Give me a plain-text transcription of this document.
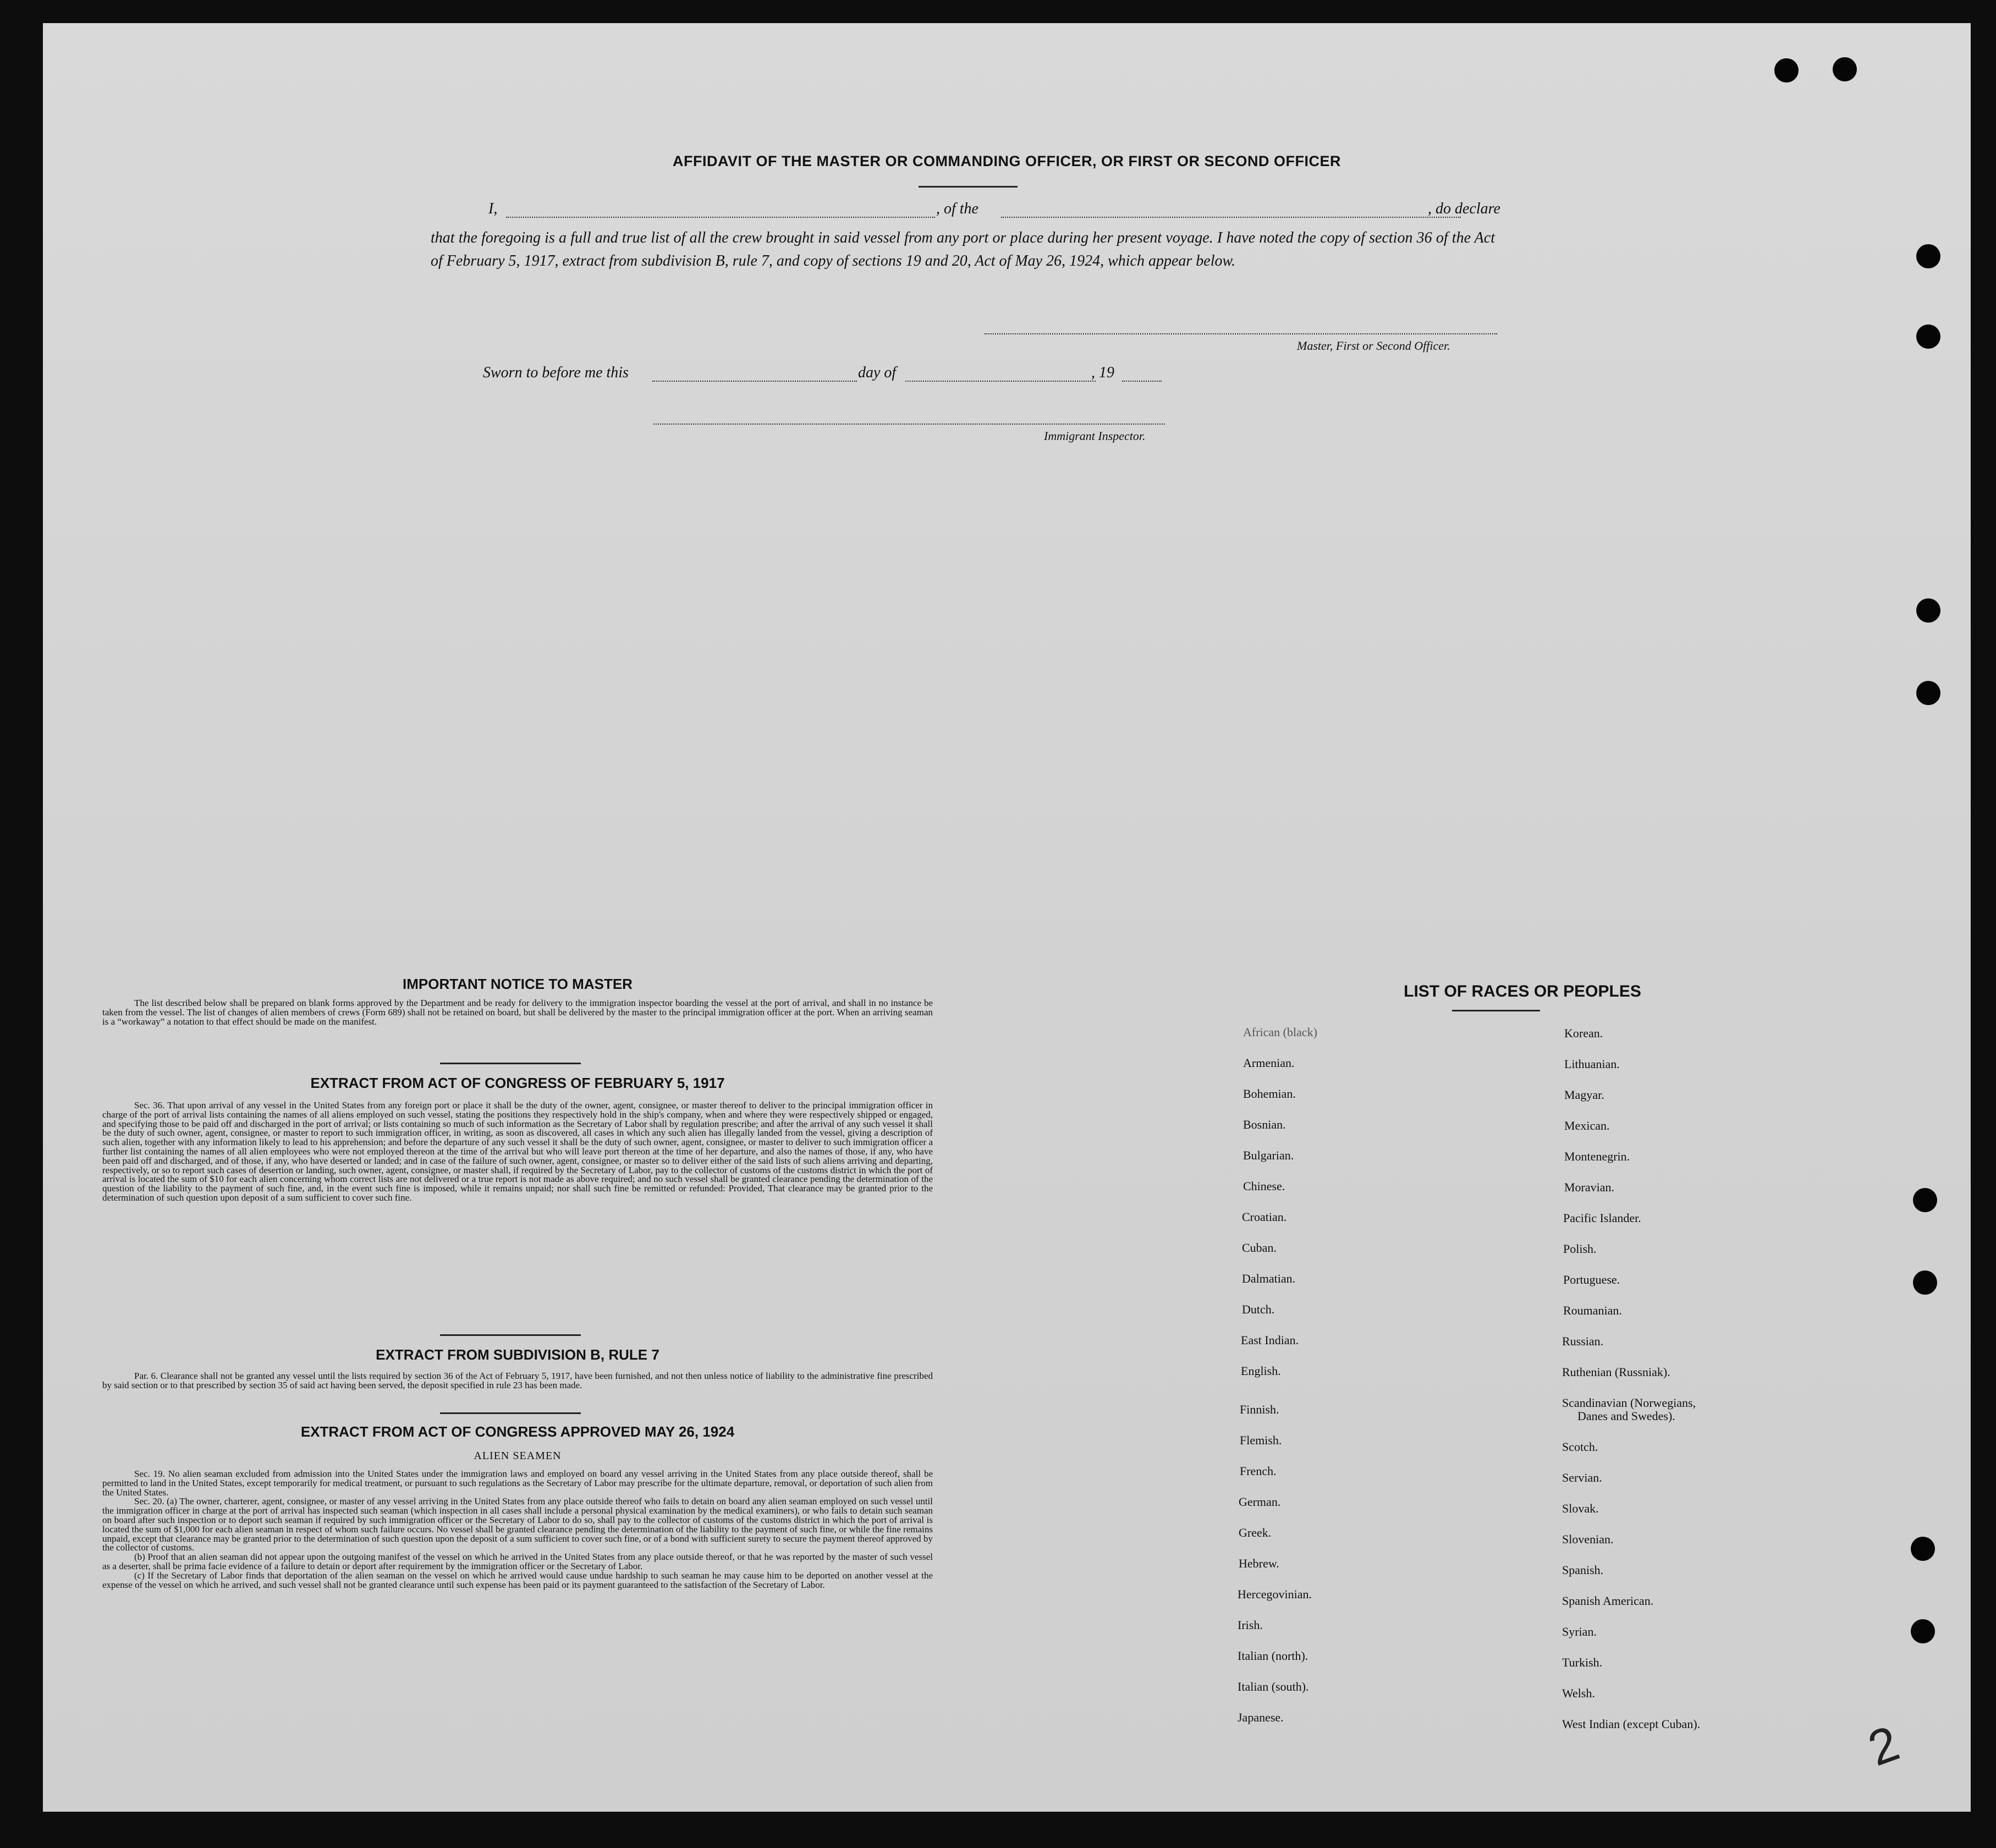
AFFIDAVIT OF THE MASTER OR COMMANDING OFFICER, OR FIRST OR SECOND OFFICER
I,	, of the	, do declare
that the foregoing is a full and true list of all the crew brought in said vessel from any port or place during her present voyage. I have noted the copy of section 36 of the Act of February 5, 1917, extract from subdivision B, rule 7, and copy of sections 19 and 20, Act of May 26, 1924, which appear below.
Master, First or Second Officer.
Sworn to before me this	day of	, 19
Immigrant Inspector.
IMPORTANT NOTICE TO MASTER

The list described below shall be prepared on blank forms approved by the Department and be ready for delivery to the immigration inspector boarding the vessel at the port of arrival, and shall in no instance be taken from the vessel. The list of changes of alien members of crews (Form 689) shall not be retained on board, but shall be delivered by the master to the principal immigration officer at the port. When an arriving seaman is a “workaway” a notation to that effect should be made on the manifest.

EXTRACT FROM ACT OF CONGRESS OF FEBRUARY 5, 1917

Sec. 36. That upon arrival of any vessel in the United States from any foreign port or place it shall be the duty of the owner, agent, consignee, or master thereof to deliver to the principal immigration officer in charge of the port of arrival lists containing the names of all aliens employed on such vessel, stating the positions they respectively hold in the ship's company, when and where they were respectively shipped or engaged, and specifying those to be paid off and discharged in the port of arrival; or lists containing so much of such information as the Secretary of Labor shall by regulation prescribe; and after the arrival of any such vessel it shall be the duty of such owner, agent, consignee, or master to report to such immigration officer, in writing, as soon as discovered, all cases in which any such alien has illegally landed from the vessel, giving a description of such alien, together with any information likely to lead to his apprehension; and before the departure of any such vessel it shall be the duty of such owner, agent, consignee, or master to deliver to such immigration officer a further list containing the names of all alien employees who were not employed thereon at the time of the arrival but who will leave port thereon at the time of her departure, and also the names of those, if any, who have been paid off and discharged, and of those, if any, who have deserted or landed; and in case of the failure of such owner, agent, consignee, or master so to deliver either of the said lists of such aliens arriving and departing, respectively, or so to report such cases of desertion or landing, such owner, agent, consignee, or master shall, if required by the Secretary of Labor, pay to the collector of customs of the customs district in which the port of arrival is located the sum of $10 for each alien concerning whom correct lists are not delivered or a true report is not made as above required; and no such vessel shall be granted clearance pending the determination of the question of the liability to the payment of such fine, and, in the event such fine is imposed, while it remains unpaid; nor shall such fine be remitted or refunded: Provided, That clearance may be granted prior to the determination of such question upon deposit of a sum sufficient to cover such fine.

EXTRACT FROM SUBDIVISION B, RULE 7

Par. 6. Clearance shall not be granted any vessel until the lists required by section 36 of the Act of February 5, 1917, have been furnished, and not then unless notice of liability to the administrative fine prescribed by said section or to that prescribed by section 35 of said act having been served, the deposit specified in rule 23 has been made.

EXTRACT FROM ACT OF CONGRESS APPROVED MAY 26, 1924
ALIEN SEAMEN

Sec. 19. No alien seaman excluded from admission into the United States under the immigration laws and employed on board any vessel arriving in the United States from any place outside thereof, shall be permitted to land in the United States, except temporarily for medical treatment, or pursuant to such regulations as the Secretary of Labor may prescribe for the ultimate departure, removal, or deportation of such alien from the United States.

Sec. 20. (a) The owner, charterer, agent, consignee, or master of any vessel arriving in the United States from any place outside thereof who fails to detain on board any alien seaman employed on such vessel until the immigration officer in charge at the port of arrival has inspected such seaman (which inspection in all cases shall include a personal physical examination by the medical examiners), or who fails to detain such seaman on board after such inspection or to deport such seaman if required by such immigration officer or the Secretary of Labor to do so, shall pay to the collector of customs of the customs district in which the port of arrival is located the sum of $1,000 for each alien seaman in respect of whom such failure occurs. No vessel shall be granted clearance pending the determination of the liability to the payment of such fine, or while the fine remains unpaid, except that clearance may be granted prior to the determination of such question upon the deposit of a sum sufficient to cover such fine, or of a bond with sufficient surety to secure the payment thereof approved by the collector of customs.

(b) Proof that an alien seaman did not appear upon the outgoing manifest of the vessel on which he arrived in the United States from any place outside thereof, or that he was reported by the master of such vessel as a deserter, shall be prima facie evidence of a failure to detain or deport after requirement by the immigration officer or the Secretary of Labor.

(c) If the Secretary of Labor finds that deportation of the alien seaman on the vessel on which he arrived would cause undue hardship to such seaman he may cause him to be deported on another vessel at the expense of the vessel on which he arrived, and such vessel shall not be granted clearance until such expense has been paid or its payment guaranteed to the satisfaction of the Secretary of Labor.

LIST OF RACES OR PEOPLES
2
African (black)
Armenian.
Bohemian.
Bosnian.
Bulgarian.
Chinese.
Croatian.
Cuban.
Dalmatian.
Dutch.
East Indian.
English.
Finnish.
Flemish.
French.
German.
Greek.
Hebrew.
Hercegovinian.
Irish.
Italian (north).
Italian (south).
Japanese.
Korean.
Lithuanian.
Magyar.
Mexican.
Montenegrin.
Moravian.
Pacific Islander.
Polish.
Portuguese.
Roumanian.
Russian.
Ruthenian (Russniak).
Scandinavian (Norwegians,
Danes and Swedes).
Scotch.
Servian.
Slovak.
Slovenian.
Spanish.
Spanish American.
Syrian.
Turkish.
Welsh.
West Indian (except Cuban).
